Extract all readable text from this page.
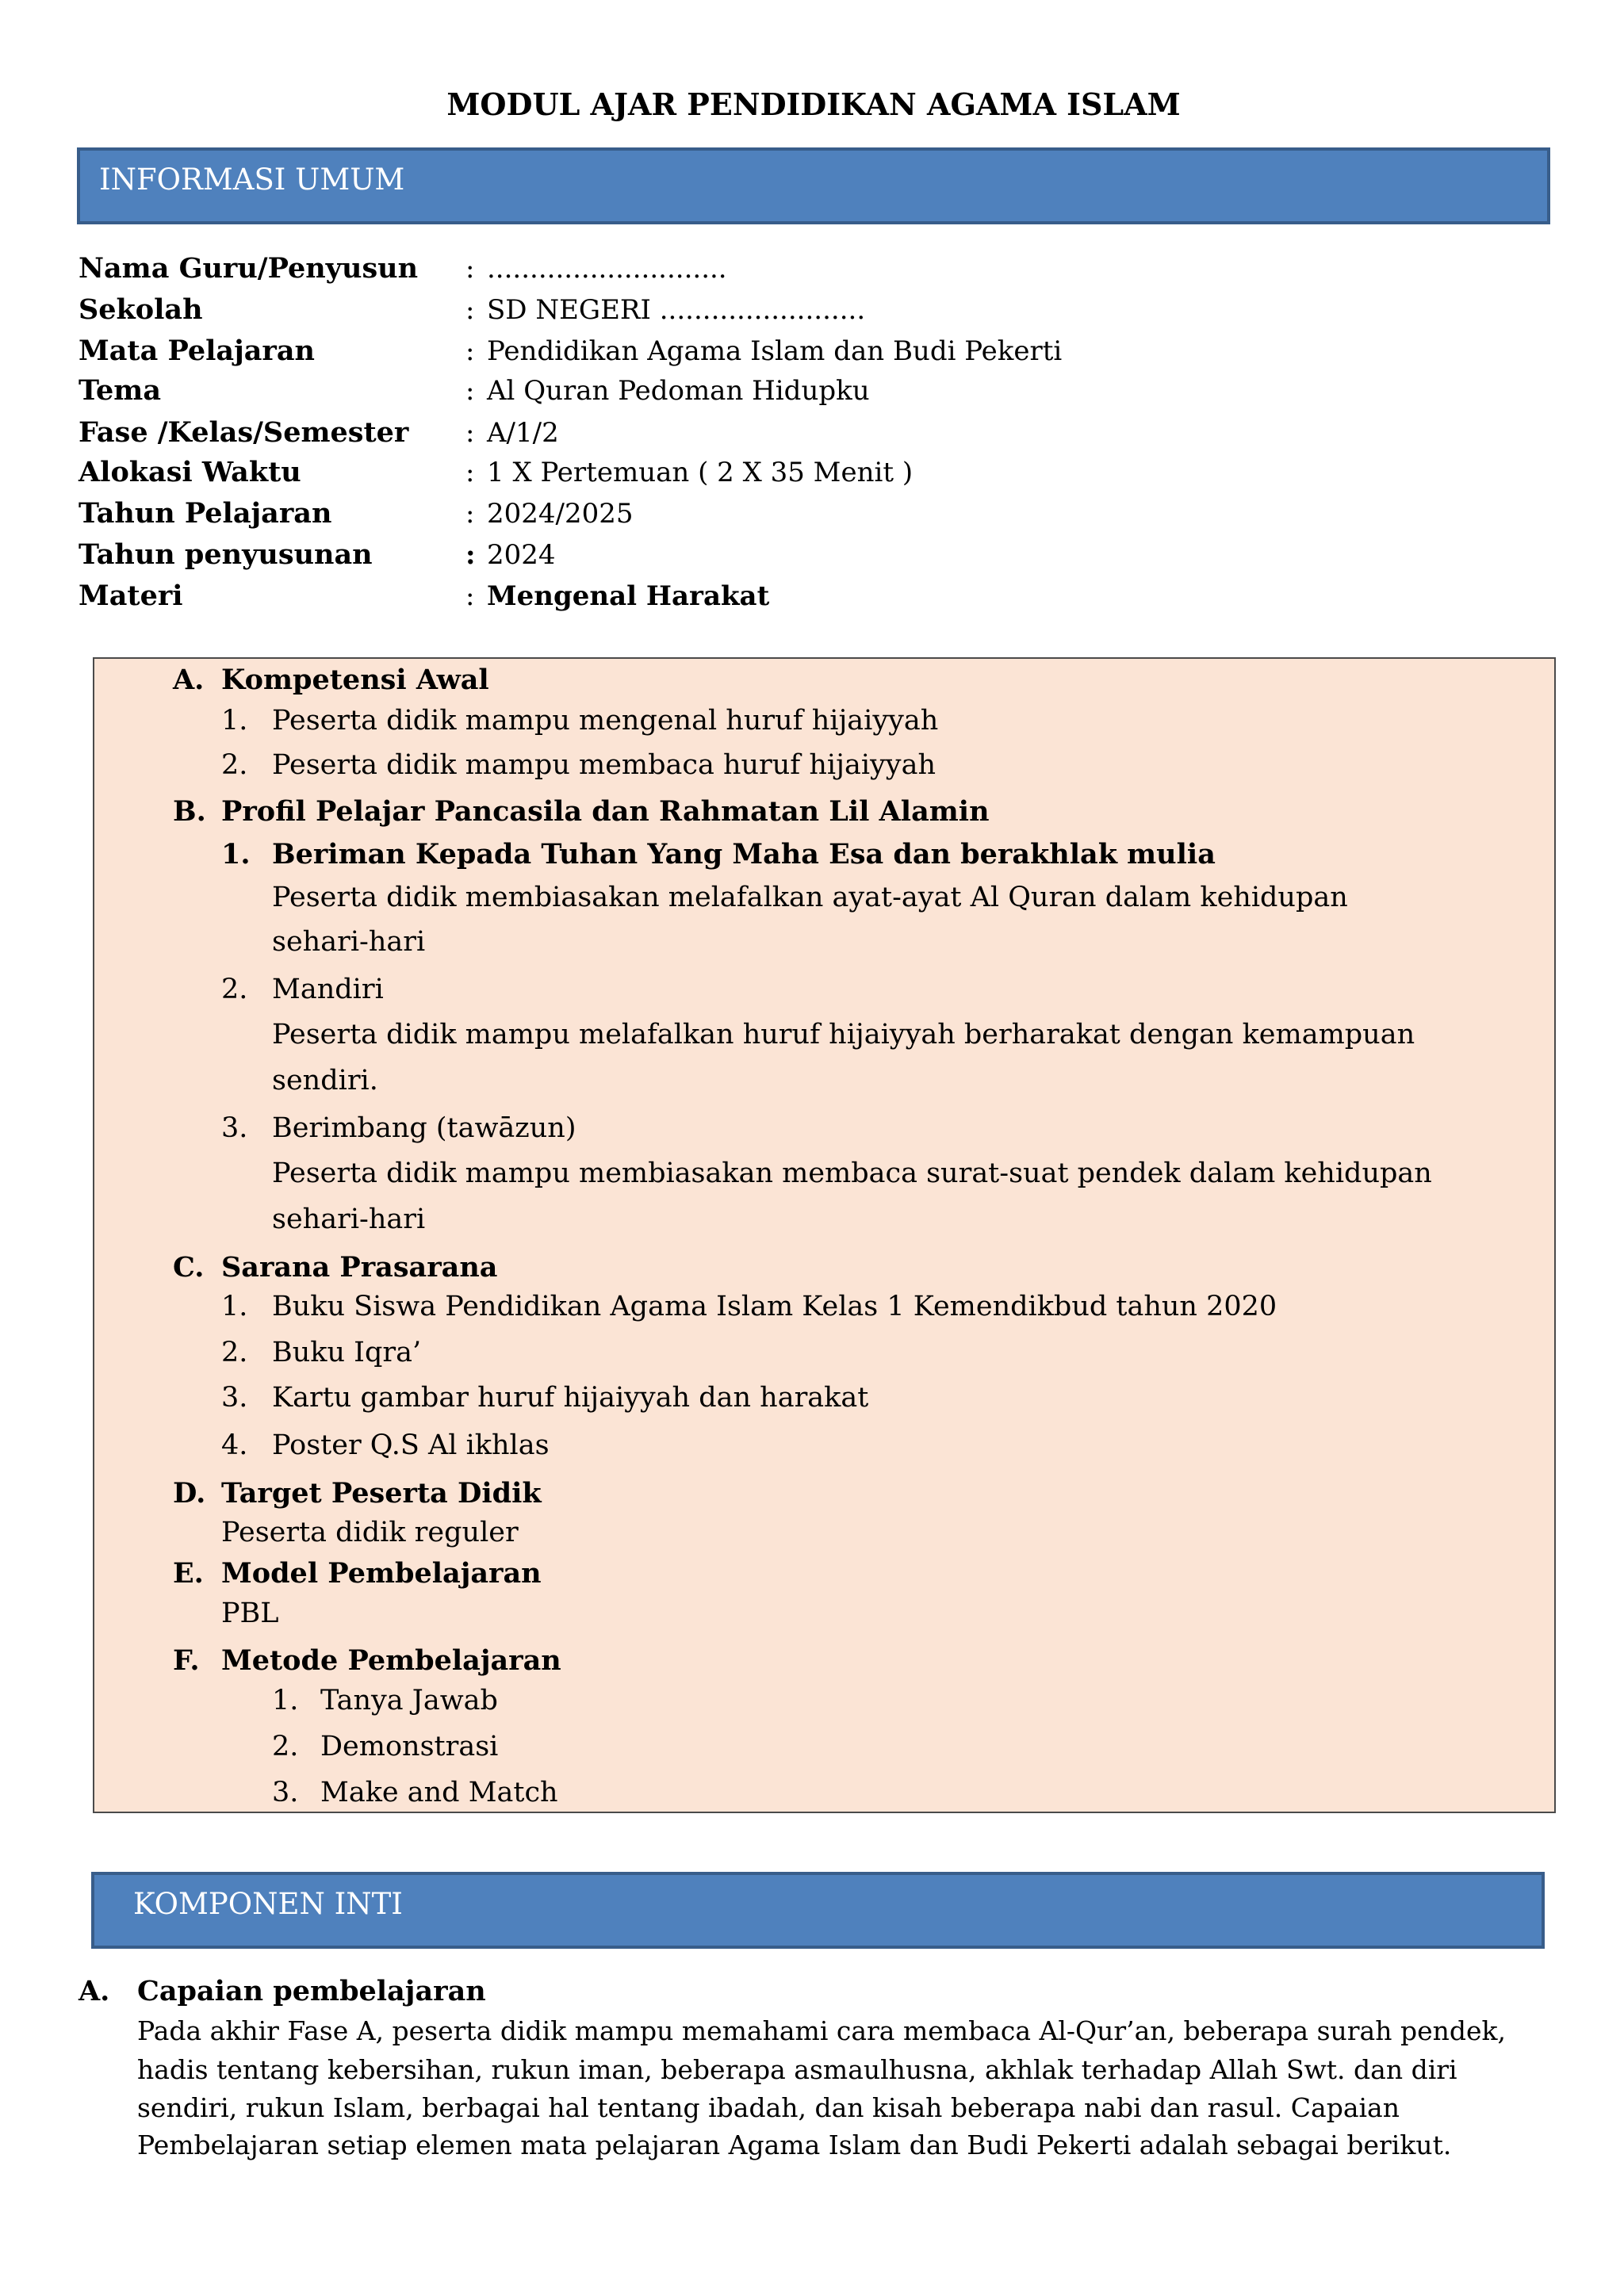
MODUL AJAR PENDIDIKAN AGAMA ISLAM
INFORMASI UMUM
Nama Guru/Penyusun : ............................
Sekolah	: SD NEGERI ........................
Mata Pelajaran	: Pendidikan Agama Islam dan Budi Pekerti
Tema	: Al Quran Pedoman Hidupku
Fase /Kelas/Semester : A/1/2
Alokasi Waktu	: 1 X Pertemuan ( 2 X 35 Menit )
Tahun Pelajaran	: 2024/2025
Tahun penyusunan	: 2024
Materi	: Mengenal Harakat
A. Kompetensi Awal
1. Peserta didik mampu mengenal huruf hijaiyyah
2. Peserta didik mampu membaca huruf hijaiyyah
B. Profil Pelajar Pancasila dan Rahmatan Lil Alamin
1. Beriman Kepada Tuhan Yang Maha Esa dan berakhlak mulia
Peserta didik membiasakan melafalkan ayat-ayat Al Quran dalam kehidupan
sehari-hari
2. Mandiri
Peserta didik mampu melafalkan huruf hijaiyyah berharakat dengan kemampuan
sendiri.
3. Berimbang (tawāzun)
Peserta didik mampu membiasakan membaca surat-suat pendek dalam kehidupan
sehari-hari
C. Sarana Prasarana
1. Buku Siswa Pendidikan Agama Islam Kelas 1 Kemendikbud tahun 2020
2. Buku Iqra’
3. Kartu gambar huruf hijaiyyah dan harakat
4. Poster Q.S Al ikhlas
D. Target Peserta Didik
Peserta didik reguler
E. Model Pembelajaran
PBL
F. Metode Pembelajaran
1. Tanya Jawab
2. Demonstrasi
3. Make and Match
KOMPONEN INTI
A. Capaian pembelajaran
Pada akhir Fase A, peserta didik mampu memahami cara membaca Al-Qur’an, beberapa surah pendek,
hadis tentang kebersihan, rukun iman, beberapa asmaulhusna, akhlak terhadap Allah Swt. dan diri
sendiri, rukun Islam, berbagai hal tentang ibadah, dan kisah beberapa nabi dan rasul. Capaian
Pembelajaran setiap elemen mata pelajaran Agama Islam dan Budi Pekerti adalah sebagai berikut.
